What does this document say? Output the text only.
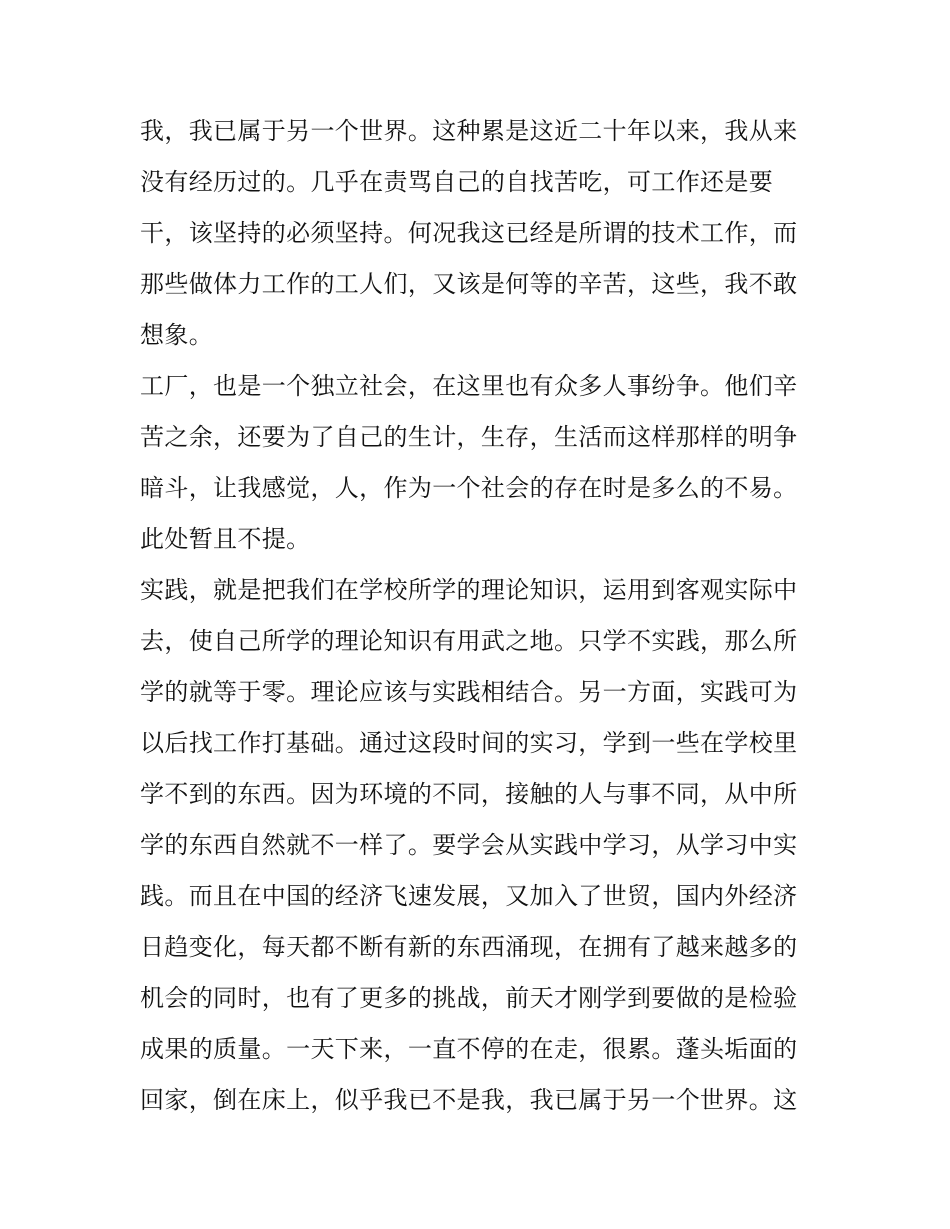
我，我已属于另一个世界。这种累是这近二十年以来，我从来
没有经历过的。几乎在责骂自己的自找苦吃，可工作还是要
干，该坚持的必须坚持。何况我这已经是所谓的技术工作，而
那些做体力工作的工人们，又该是何等的辛苦，这些，我不敢
想象。
工厂，也是一个独立社会，在这里也有众多人事纷争。他们辛
苦之余，还要为了自己的生计，生存，生活而这样那样的明争
暗斗，让我感觉，人，作为一个社会的存在时是多么的不易。
此处暂且不提。
实践，就是把我们在学校所学的理论知识，运用到客观实际中
去，使自己所学的理论知识有用武之地。只学不实践，那么所
学的就等于零。理论应该与实践相结合。另一方面，实践可为
以后找工作打基础。通过这段时间的实习，学到一些在学校里
学不到的东西。因为环境的不同，接触的人与事不同，从中所
学的东西自然就不一样了。要学会从实践中学习，从学习中实
践。而且在中国的经济飞速发展，又加入了世贸，国内外经济
日趋变化，每天都不断有新的东西涌现，在拥有了越来越多的
机会的同时，也有了更多的挑战，前天才刚学到要做的是检验
成果的质量。一天下来，一直不停的在走，很累。蓬头垢面的
回家，倒在床上，似乎我已不是我，我已属于另一个世界。这
